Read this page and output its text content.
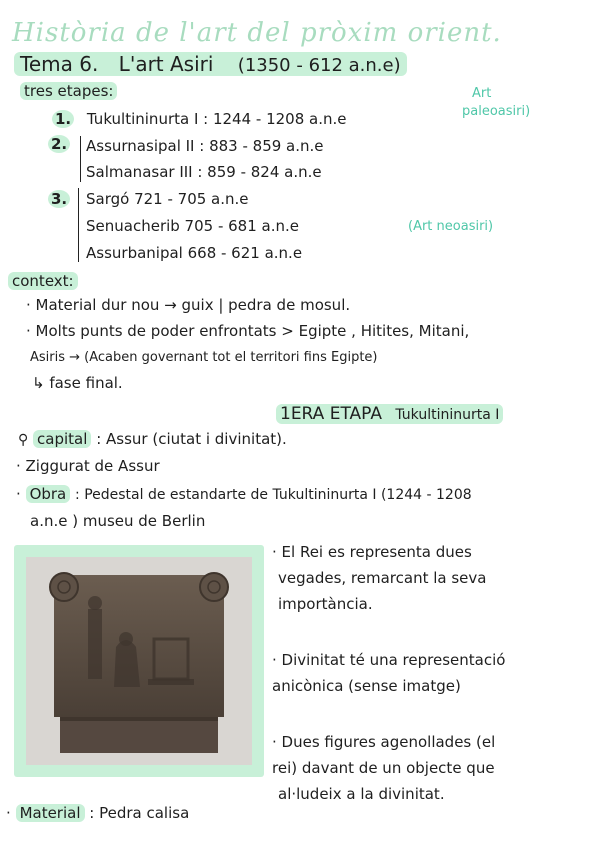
Història de l'art del pròxim orient.
Tema 6. L'art Asiri (1350 - 612 a.n.e)
tres etapes:	Art
paleoasiri)
1. Tukultininurta I : 1244 - 1208 a.n.e
2. Assurnasipal II : 883 - 859 a.n.e
Salmanasar III : 859 - 824 a.n.e
3. Sargó 721 - 705 a.n.e
Senuacherib 705 - 681 a.n.e
Assurbanipal 668 - 621 a.n.e
(Art neoasiri)
context:
· Material dur nou → guix | pedra de mosul.
· Molts punts de poder enfrontats > Egipte , Hitites, Mitani,
Asiris → (Acaben governant tot el territori fins Egipte)
↳ fase final.
1ERA ETAPA Tukultininurta I
⚲ capital : Assur (ciutat i divinitat).
· Ziggurat de Assur
· Obra : Pedestal de estandarte de Tukultininurta I (1244 - 1208
a.n.e ) museu de Berlin
· El Rei es representa dues
vegades, remarcant la seva
importància.
· Divinitat té una representació
anicònica (sense imatge)
· Dues figures agenollades (el
rei) davant de un objecte que
al·ludeix a la divinitat.
· Material : Pedra calisa
